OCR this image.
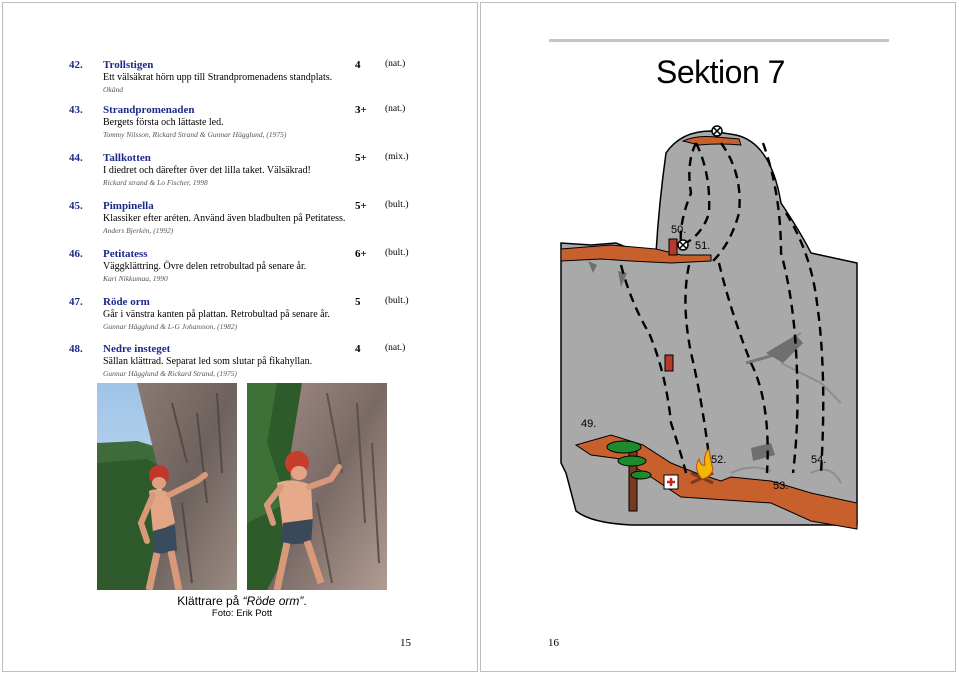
42. Trollstigen	4	(nat.)
Ett välsäkrat hörn upp till Strandpromenadens standplats.
Okänd
43. Strandpromenaden	3+ (nat.)
Bergets första och lättaste led.
Tommy Nilsson, Rickard Strand & Gunnar Hägglund, (1975)
44. Tallkotten	5+ (mix.)
I diedret och därefter över det lilla taket. Välsäkrad!
Rickard strand & Lo Fischer, 1998
45. Pimpinella	5+ (bult.)
Klassiker efter aréten. Använd även bladbulten på Petitatess.
Anders Bjerkén, (1992)
46. Petitatess	6+ (bult.)
Väggklättring. Övre delen retrobultad på senare år.
Kari Nikkumaa, 1990
47. Röde orm	5	(bult.)
Går i vänstra kanten på plattan. Retrobultad på senare år.
Gunnar Hägglund & L-G Johansson, (1982)
48. Nedre insteget	4	(nat.)
Sällan klättrad. Separat led som slutar på fikahyllan.
Gunnar Hägglund & Rickard Strand, (1975)
Klättrare på “Röde orm”.
Foto: Erik Pott
15
Sektion 7
50.
51.
49.
52.	54.
53.
16
